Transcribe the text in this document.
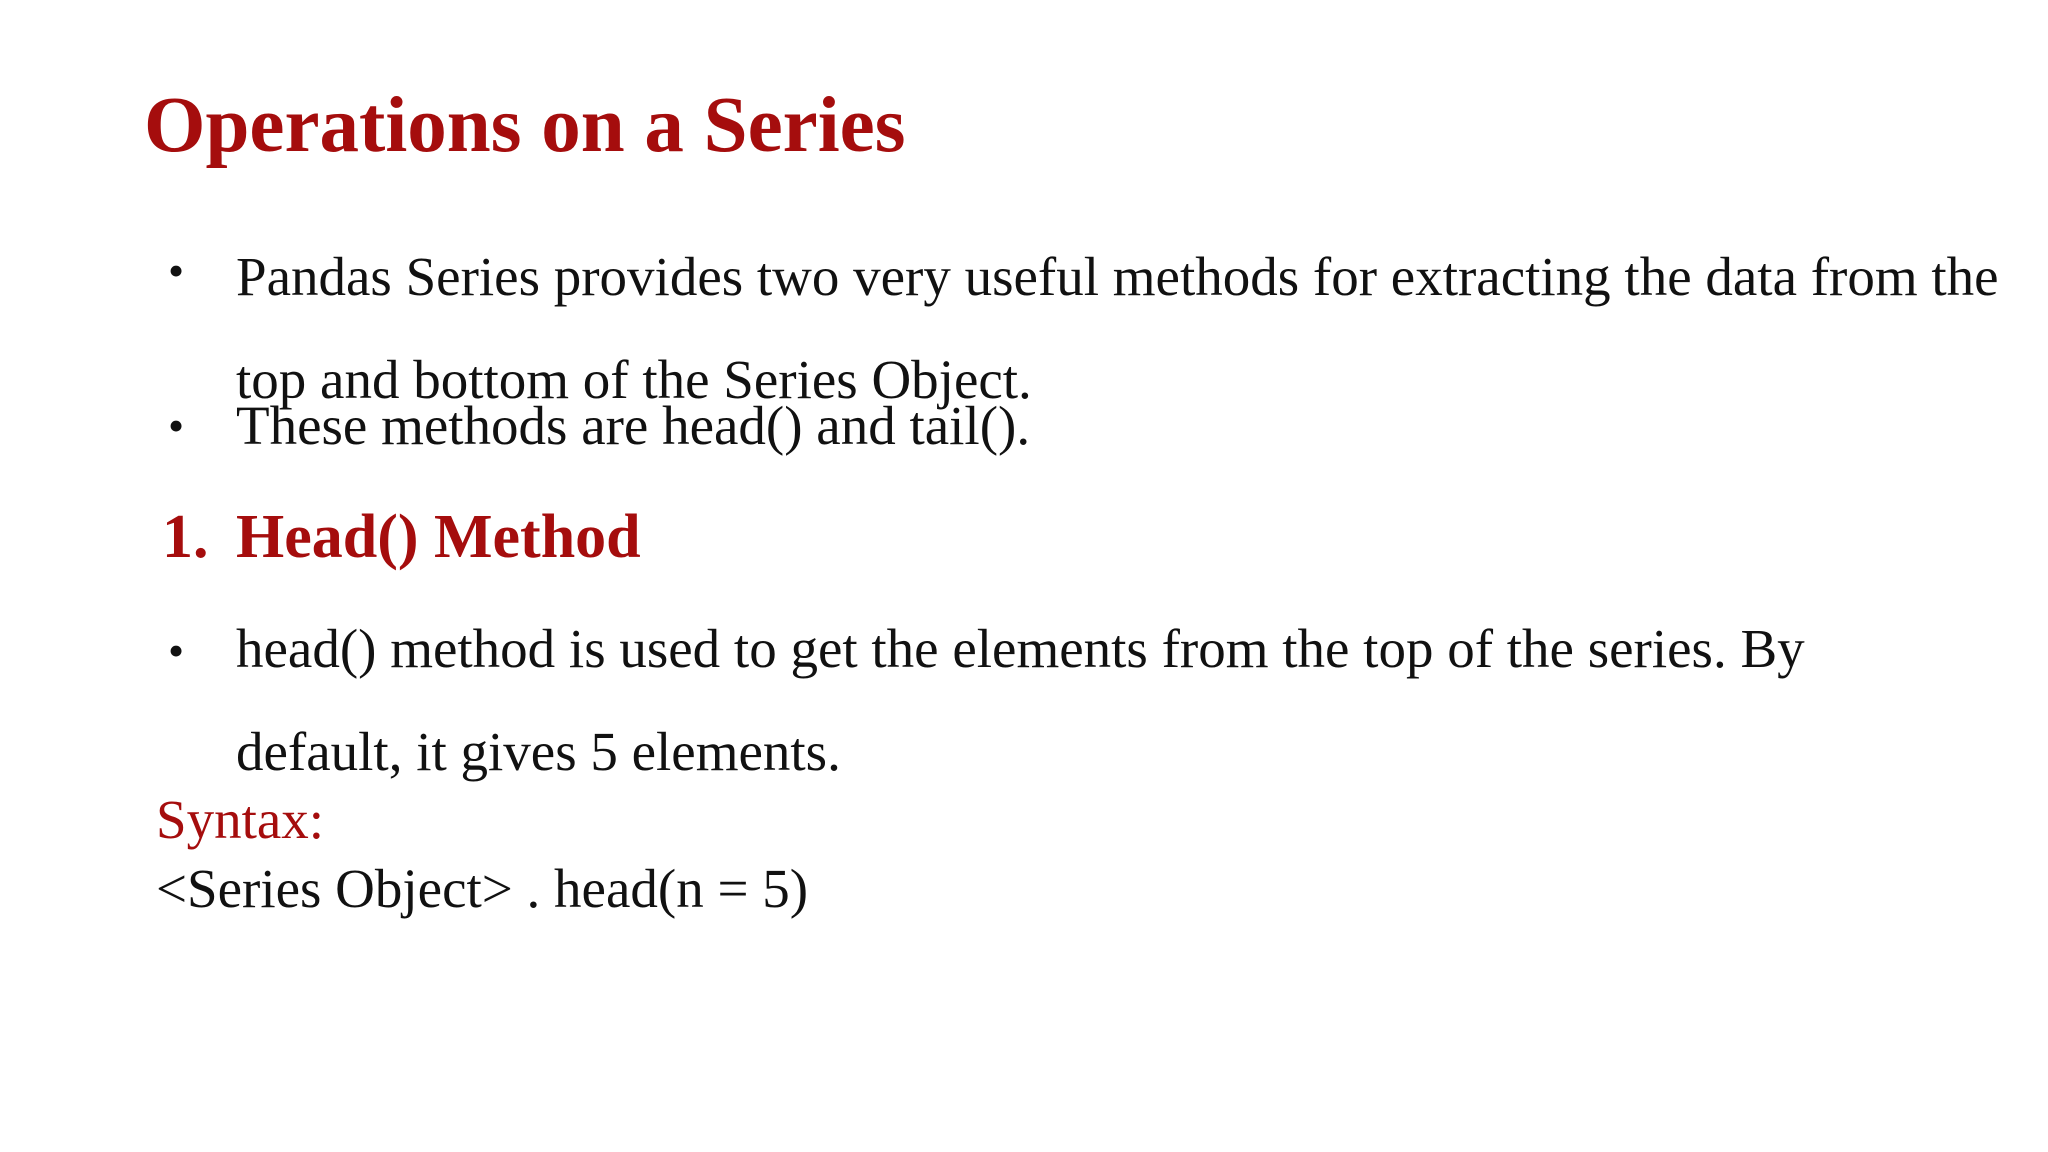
Operations on a Series
• Pandas Series provides two very useful methods for extracting the data from the top and bottom of the Series Object.

• These methods are head() and tail().

1. Head() Method
• head() method is used to get the elements from the top of the series. By default, it gives 5 elements.

Syntax:

<Series Object> . head(n = 5)
